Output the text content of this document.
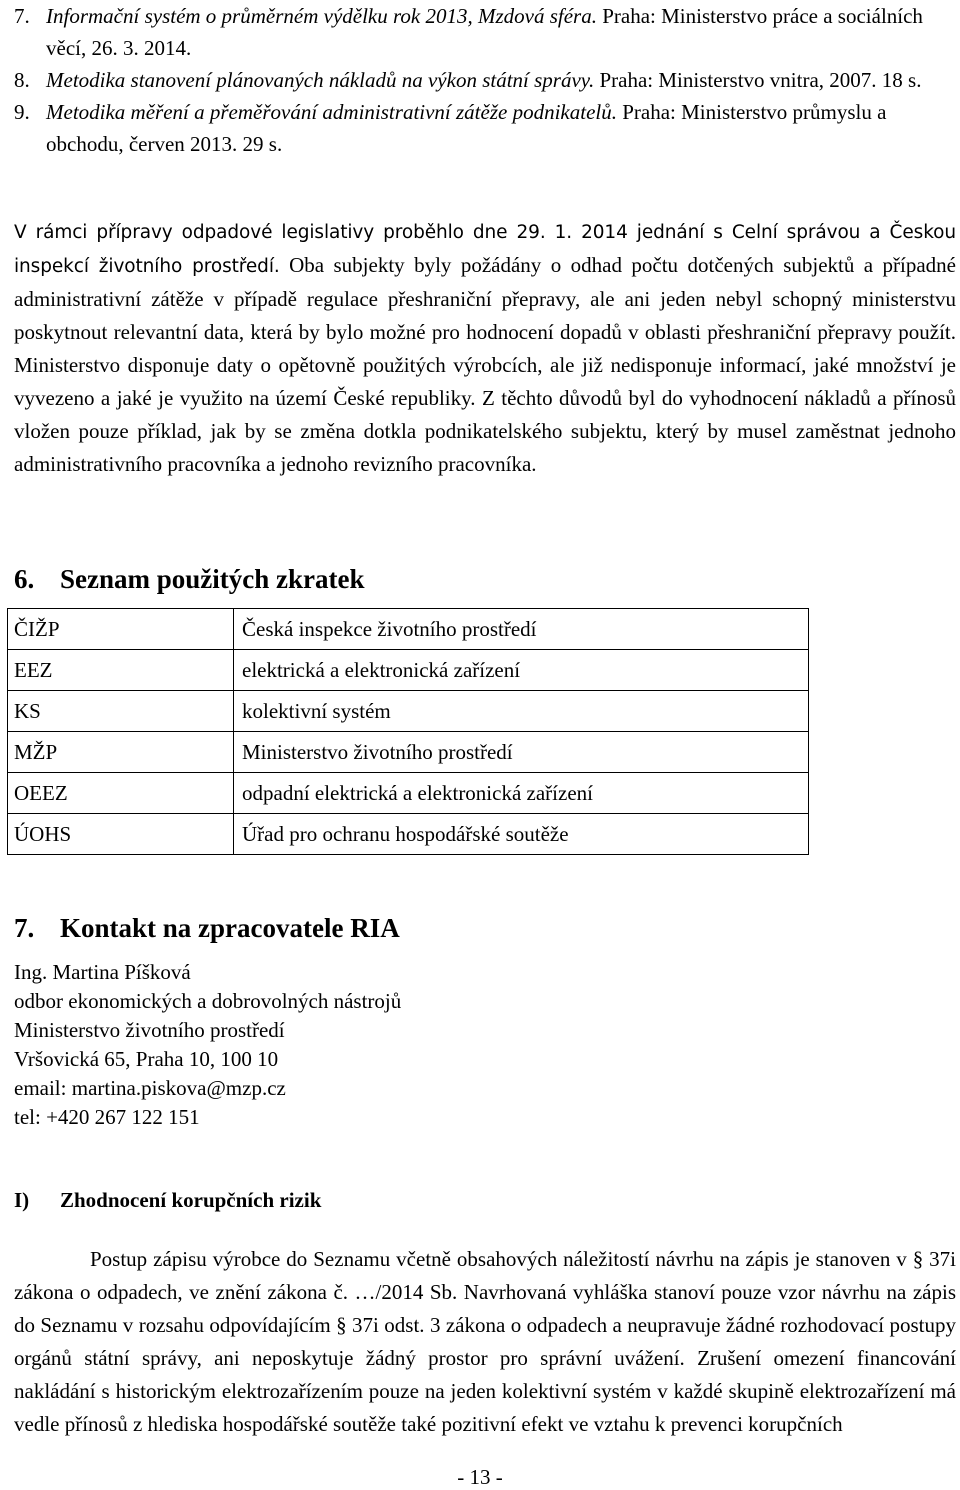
7. Informační systém o průměrném výdělku rok 2013, Mzdová sféra. Praha: Ministerstvo práce a sociálních věcí, 26. 3. 2014.
8. Metodika stanovení plánovaných nákladů na výkon státní správy. Praha: Ministerstvo vnitra, 2007. 18 s.
9. Metodika měření a přeměřování administrativní zátěže podnikatelů. Praha: Ministerstvo průmyslu a obchodu, červen 2013. 29 s.
V rámci přípravy odpadové legislativy proběhlo dne 29. 1. 2014 jednání s Celní správou a Českou inspekcí životního prostředí. Oba subjekty byly požádány o odhad počtu dotčených subjektů a případné administrativní zátěže v případě regulace přeshraniční přepravy, ale ani jeden nebyl schopný ministerstvu poskytnout relevantní data, která by bylo možné pro hodnocení dopadů v oblasti přeshraniční přepravy použít. Ministerstvo disponuje daty o opětovně použitých výrobcích, ale již nedisponuje informací, jaké množství je vyvezeno a jaké je využito na území České republiky. Z těchto důvodů byl do vyhodnocení nákladů a přínosů vložen pouze příklad, jak by se změna dotkla podnikatelského subjektu, který by musel zaměstnat jednoho administrativního pracovníka a jednoho revizního pracovníka.
6. Seznam použitých zkratek
ČIŽP	Česká inspekce životního prostředí
EEZ	elektrická a elektronická zařízení
KS	kolektivní systém
MŽP	Ministerstvo životního prostředí
OEEZ	odpadní elektrická a elektronická zařízení
ÚOHS	Úřad pro ochranu hospodářské soutěže
7. Kontakt na zpracovatele RIA
Ing. Martina Píšková
odbor ekonomických a dobrovolných nástrojů
Ministerstvo životního prostředí
Vršovická 65, Praha 10, 100 10
email: martina.piskova@mzp.cz
tel: +420 267 122 151
I) Zhodnocení korupčních rizik
Postup zápisu výrobce do Seznamu včetně obsahových náležitostí návrhu na zápis je stanoven v § 37i zákona o odpadech, ve znění zákona č. …/2014 Sb. Navrhovaná vyhláška stanoví pouze vzor návrhu na zápis do Seznamu v rozsahu odpovídajícím § 37i odst. 3 zákona o odpadech a neupravuje žádné rozhodovací postupy orgánů státní správy, ani neposkytuje žádný prostor pro správní uvážení. Zrušení omezení financování nakládání s historickým elektrozařízením pouze na jeden kolektivní systém v každé skupině elektrozařízení má vedle přínosů z hlediska hospodářské soutěže také pozitivní efekt ve vztahu k prevenci korupčních
- 13 -
